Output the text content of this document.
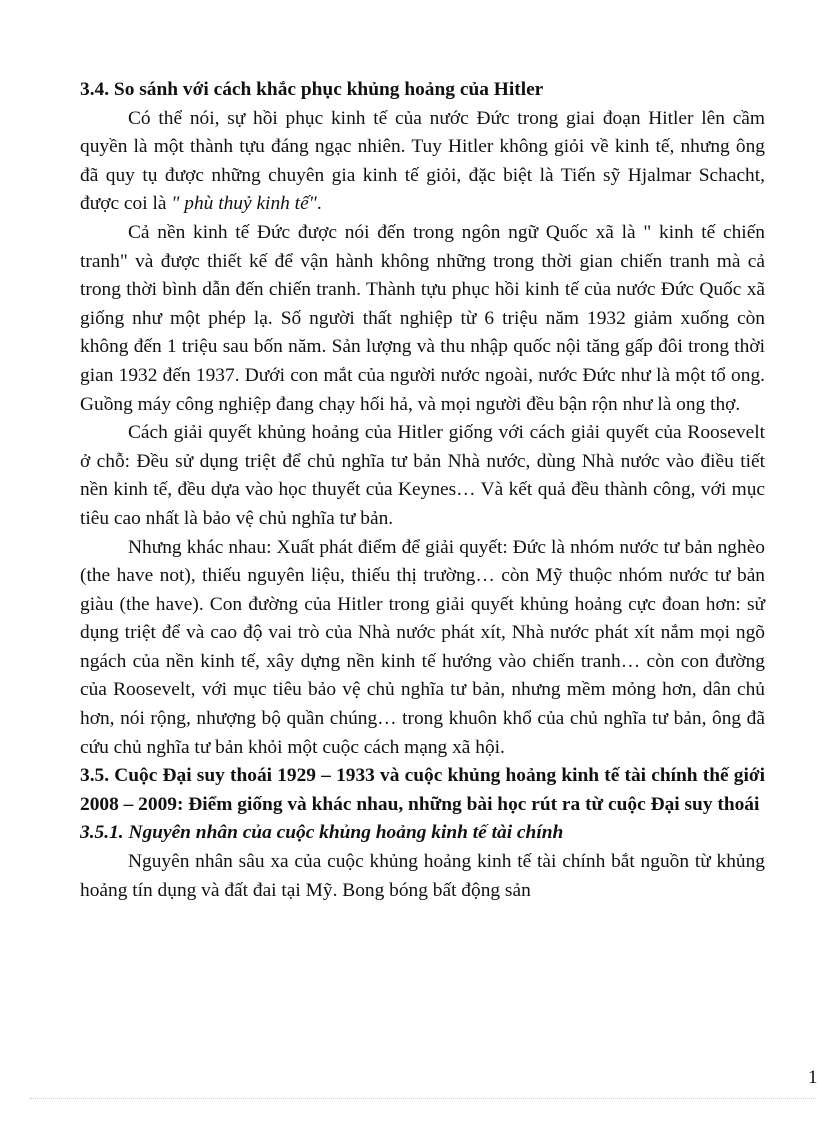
3.4. So sánh với cách khắc phục khủng hoảng của Hitler

Có thể nói, sự hồi phục kinh tế của nước Đức trong giai đoạn Hitler lên cầm quyền là một thành tựu đáng ngạc nhiên. Tuy Hitler không giỏi về kinh tế, nhưng ông đã quy tụ được những chuyên gia kinh tế giỏi, đặc biệt là Tiến sỹ Hjalmar Schacht, được coi là " phù thuỷ kinh tế".

Cả nền kinh tế Đức được nói đến trong ngôn ngữ Quốc xã là " kinh tế chiến tranh" và được thiết kế để vận hành không những trong thời gian chiến tranh mà cả trong thời bình dẫn đến chiến tranh. Thành tựu phục hồi kinh tế của nước Đức Quốc xã giống như một phép lạ. Số người thất nghiệp từ 6 triệu năm 1932 giảm xuống còn không đến 1 triệu sau bốn năm. Sản lượng và thu nhập quốc nội tăng gấp đôi trong thời gian 1932 đến 1937. Dưới con mắt của người nước ngoài, nước Đức như là một tổ ong. Guồng máy công nghiệp đang chạy hối hả, và mọi người đều bận rộn như là ong thợ.

Cách giải quyết khủng hoảng của Hitler giống với cách giải quyết của Roosevelt ở chỗ: Đều sử dụng triệt để chủ nghĩa tư bản Nhà nước, dùng Nhà nước vào điều tiết nền kinh tế, đều dựa vào học thuyết của Keynes… Và kết quả đều thành công, với mục tiêu cao nhất là bảo vệ chủ nghĩa tư bản.

Nhưng khác nhau: Xuất phát điểm để giải quyết: Đức là nhóm nước tư bản nghèo (the have not), thiếu nguyên liệu, thiếu thị trường… còn Mỹ thuộc nhóm nước tư bản giàu (the have). Con đường của Hitler trong giải quyết khủng hoảng cực đoan hơn: sử dụng triệt để và cao độ vai trò của Nhà nước phát xít, Nhà nước phát xít nắm mọi ngõ ngách của nền kinh tế, xây dựng nền kinh tế hướng vào chiến tranh… còn con đường của Roosevelt, với mục tiêu bảo vệ chủ nghĩa tư bản, nhưng mềm mỏng hơn, dân chủ hơn, nói rộng, nhượng bộ quần chúng… trong khuôn khổ của chủ nghĩa tư bản, ông đã cứu chủ nghĩa tư bản khỏi một cuộc cách mạng xã hội.

3.5. Cuộc Đại suy thoái 1929 – 1933 và cuộc khủng hoảng kinh tế tài chính thế giới 2008 – 2009: Điểm giống và khác nhau, những bài học rút ra từ cuộc Đại suy thoái
3.5.1. Nguyên nhân của cuộc khủng hoảng kinh tế tài chính

Nguyên nhân sâu xa của cuộc khủng hoảng kinh tế tài chính bắt nguồn từ khủng hoảng tín dụng và đất đai tại Mỹ. Bong bóng bất động sản

1
